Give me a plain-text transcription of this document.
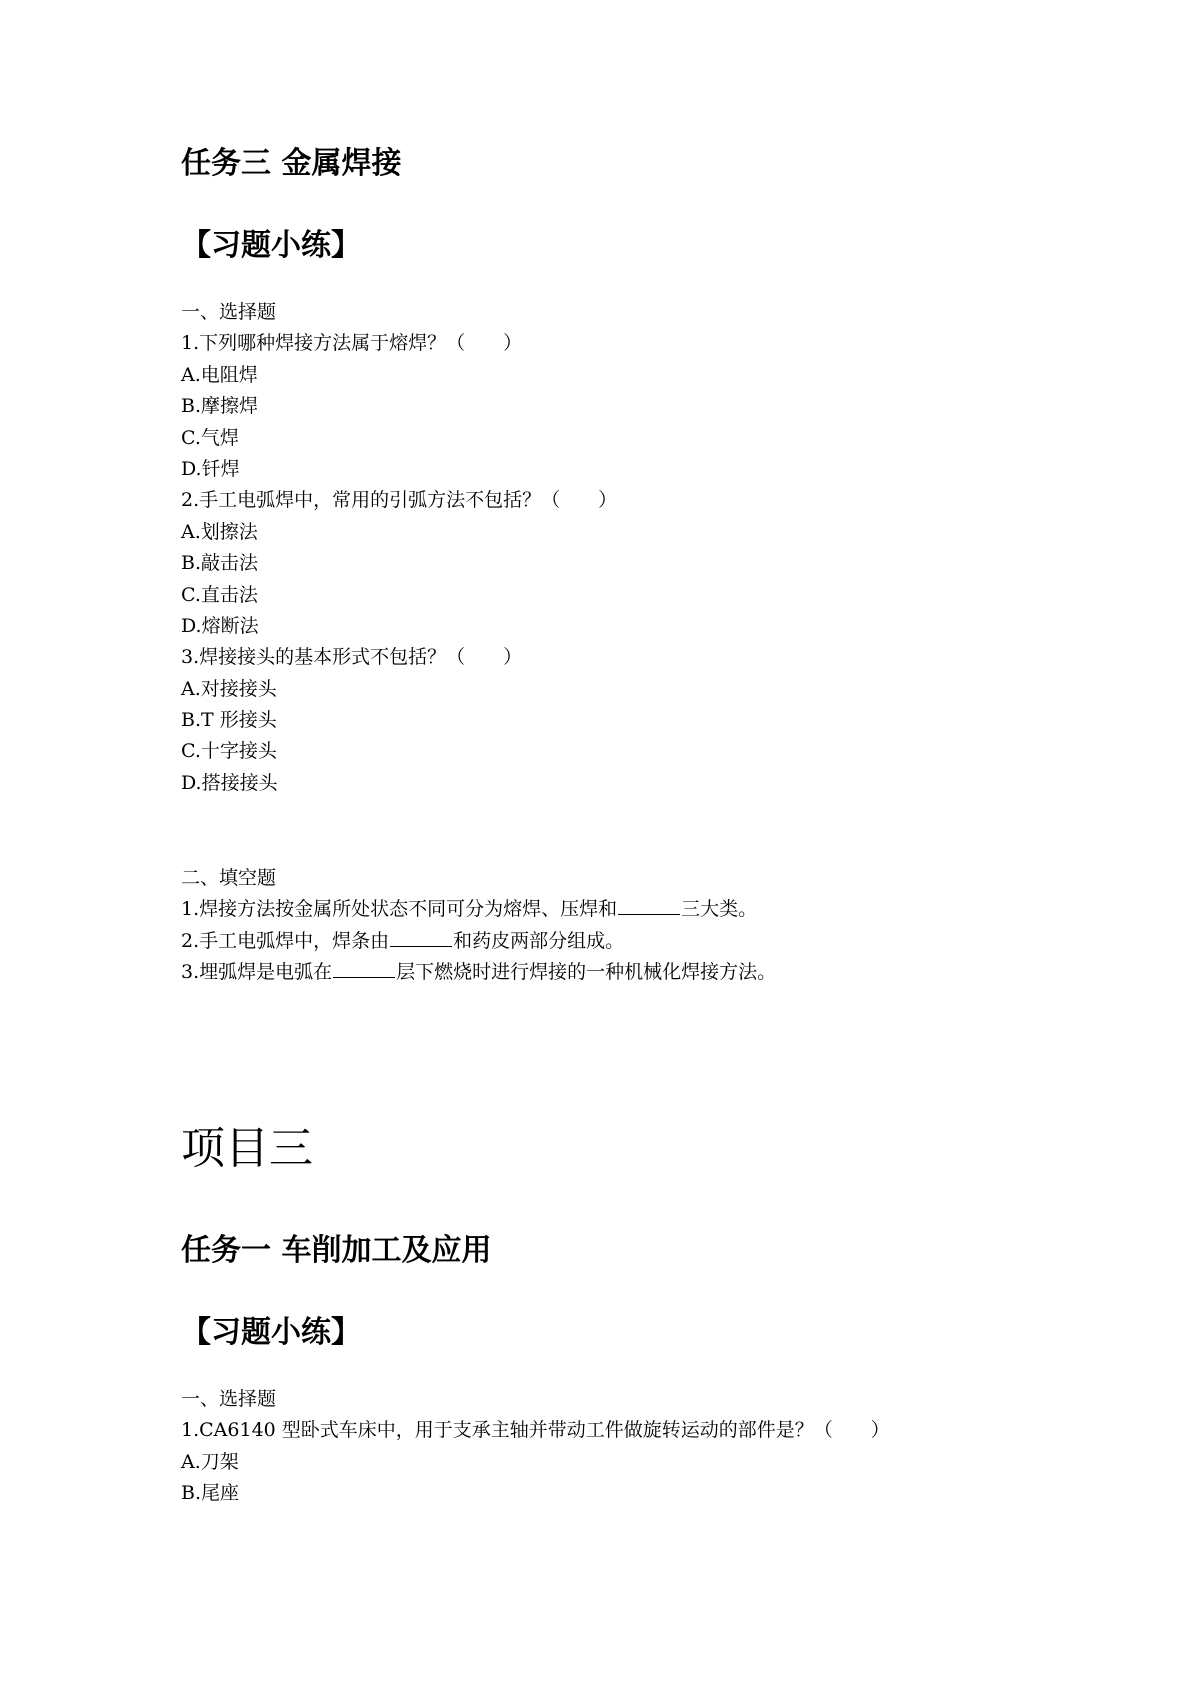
任务三 金属焊接
【习题小练】
一、选择题
1.下列哪种焊接方法属于熔焊？（　　）
A.电阻焊
B.摩擦焊
C.气焊
D.钎焊
2.手工电弧焊中，常用的引弧方法不包括？（　　）
A.划擦法
B.敲击法
C.直击法
D.熔断法
3.焊接接头的基本形式不包括？（　　）
A.对接接头
B.T 形接头
C.十字接头
D.搭接接头
二、填空题
1.焊接方法按金属所处状态不同可分为熔焊、压焊和	三大类。
2.手工电弧焊中，焊条由	和药皮两部分组成。
3.埋弧焊是电弧在	层下燃烧时进行焊接的一种机械化焊接方法。
项目三
任务一 车削加工及应用
【习题小练】
一、选择题
1.CA6140 型卧式车床中，用于支承主轴并带动工件做旋转运动的部件是？（　　）
A.刀架
B.尾座
